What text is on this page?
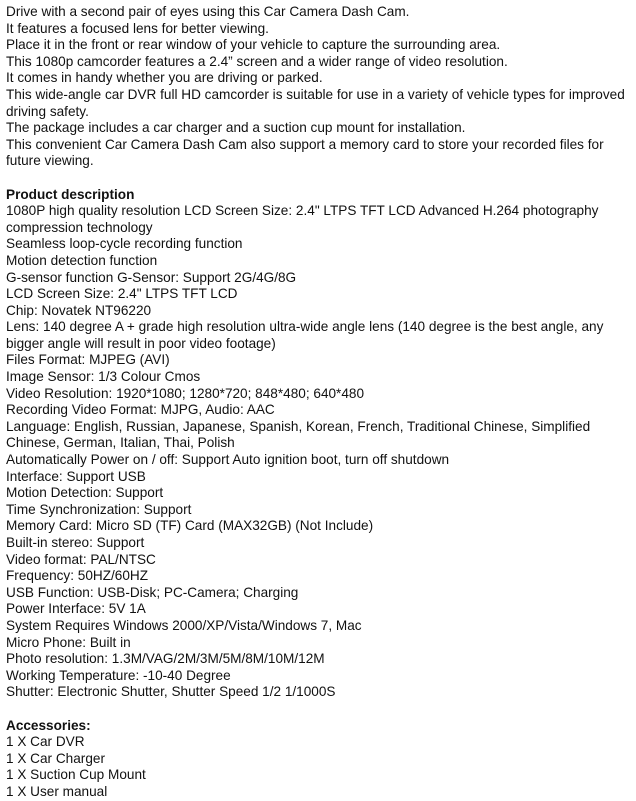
Drive with a second pair of eyes using this Car Camera Dash Cam.
It features a focused lens for better viewing.
Place it in the front or rear window of your vehicle to capture the surrounding area.
This 1080p camcorder features a 2.4” screen and a wider range of video resolution.
It comes in handy whether you are driving or parked.
This wide-angle car DVR full HD camcorder is suitable for use in a variety of vehicle types for improved driving safety.
The package includes a car charger and a suction cup mount for installation.
This convenient Car Camera Dash Cam also support a memory card to store your recorded files for future viewing.
Product description
1080P high quality resolution LCD Screen Size: 2.4" LTPS TFT LCD Advanced H.264 photography compression technology
Seamless loop-cycle recording function
Motion detection function
G-sensor function G-Sensor: Support 2G/4G/8G
LCD Screen Size: 2.4" LTPS TFT LCD
Chip: Novatek NT96220
Lens: 140 degree A + grade high resolution ultra-wide angle lens (140 degree is the best angle, any bigger angle will result in poor video footage)
Files Format: MJPEG (AVI)
Image Sensor: 1/3 Colour Cmos
Video Resolution: 1920*1080; 1280*720; 848*480; 640*480
Recording Video Format: MJPG, Audio: AAC
Language: English, Russian, Japanese, Spanish, Korean, French, Traditional Chinese, Simplified Chinese, German, Italian, Thai, Polish
Automatically Power on / off: Support Auto ignition boot, turn off shutdown
Interface: Support USB
Motion Detection: Support
Time Synchronization: Support
Memory Card: Micro SD (TF) Card (MAX32GB) (Not Include)
Built-in stereo: Support
Video format: PAL/NTSC
Frequency: 50HZ/60HZ
USB Function: USB-Disk; PC-Camera; Charging
Power Interface: 5V 1A
System Requires Windows 2000/XP/Vista/Windows 7, Mac
Micro Phone: Built in
Photo resolution: 1.3M/VAG/2M/3M/5M/8M/10M/12M
Working Temperature: -10-40 Degree
Shutter: Electronic Shutter, Shutter Speed 1/2 1/1000S
Accessories:
1 X Car DVR
1 X Car Charger
1 X Suction Cup Mount
1 X User manual
